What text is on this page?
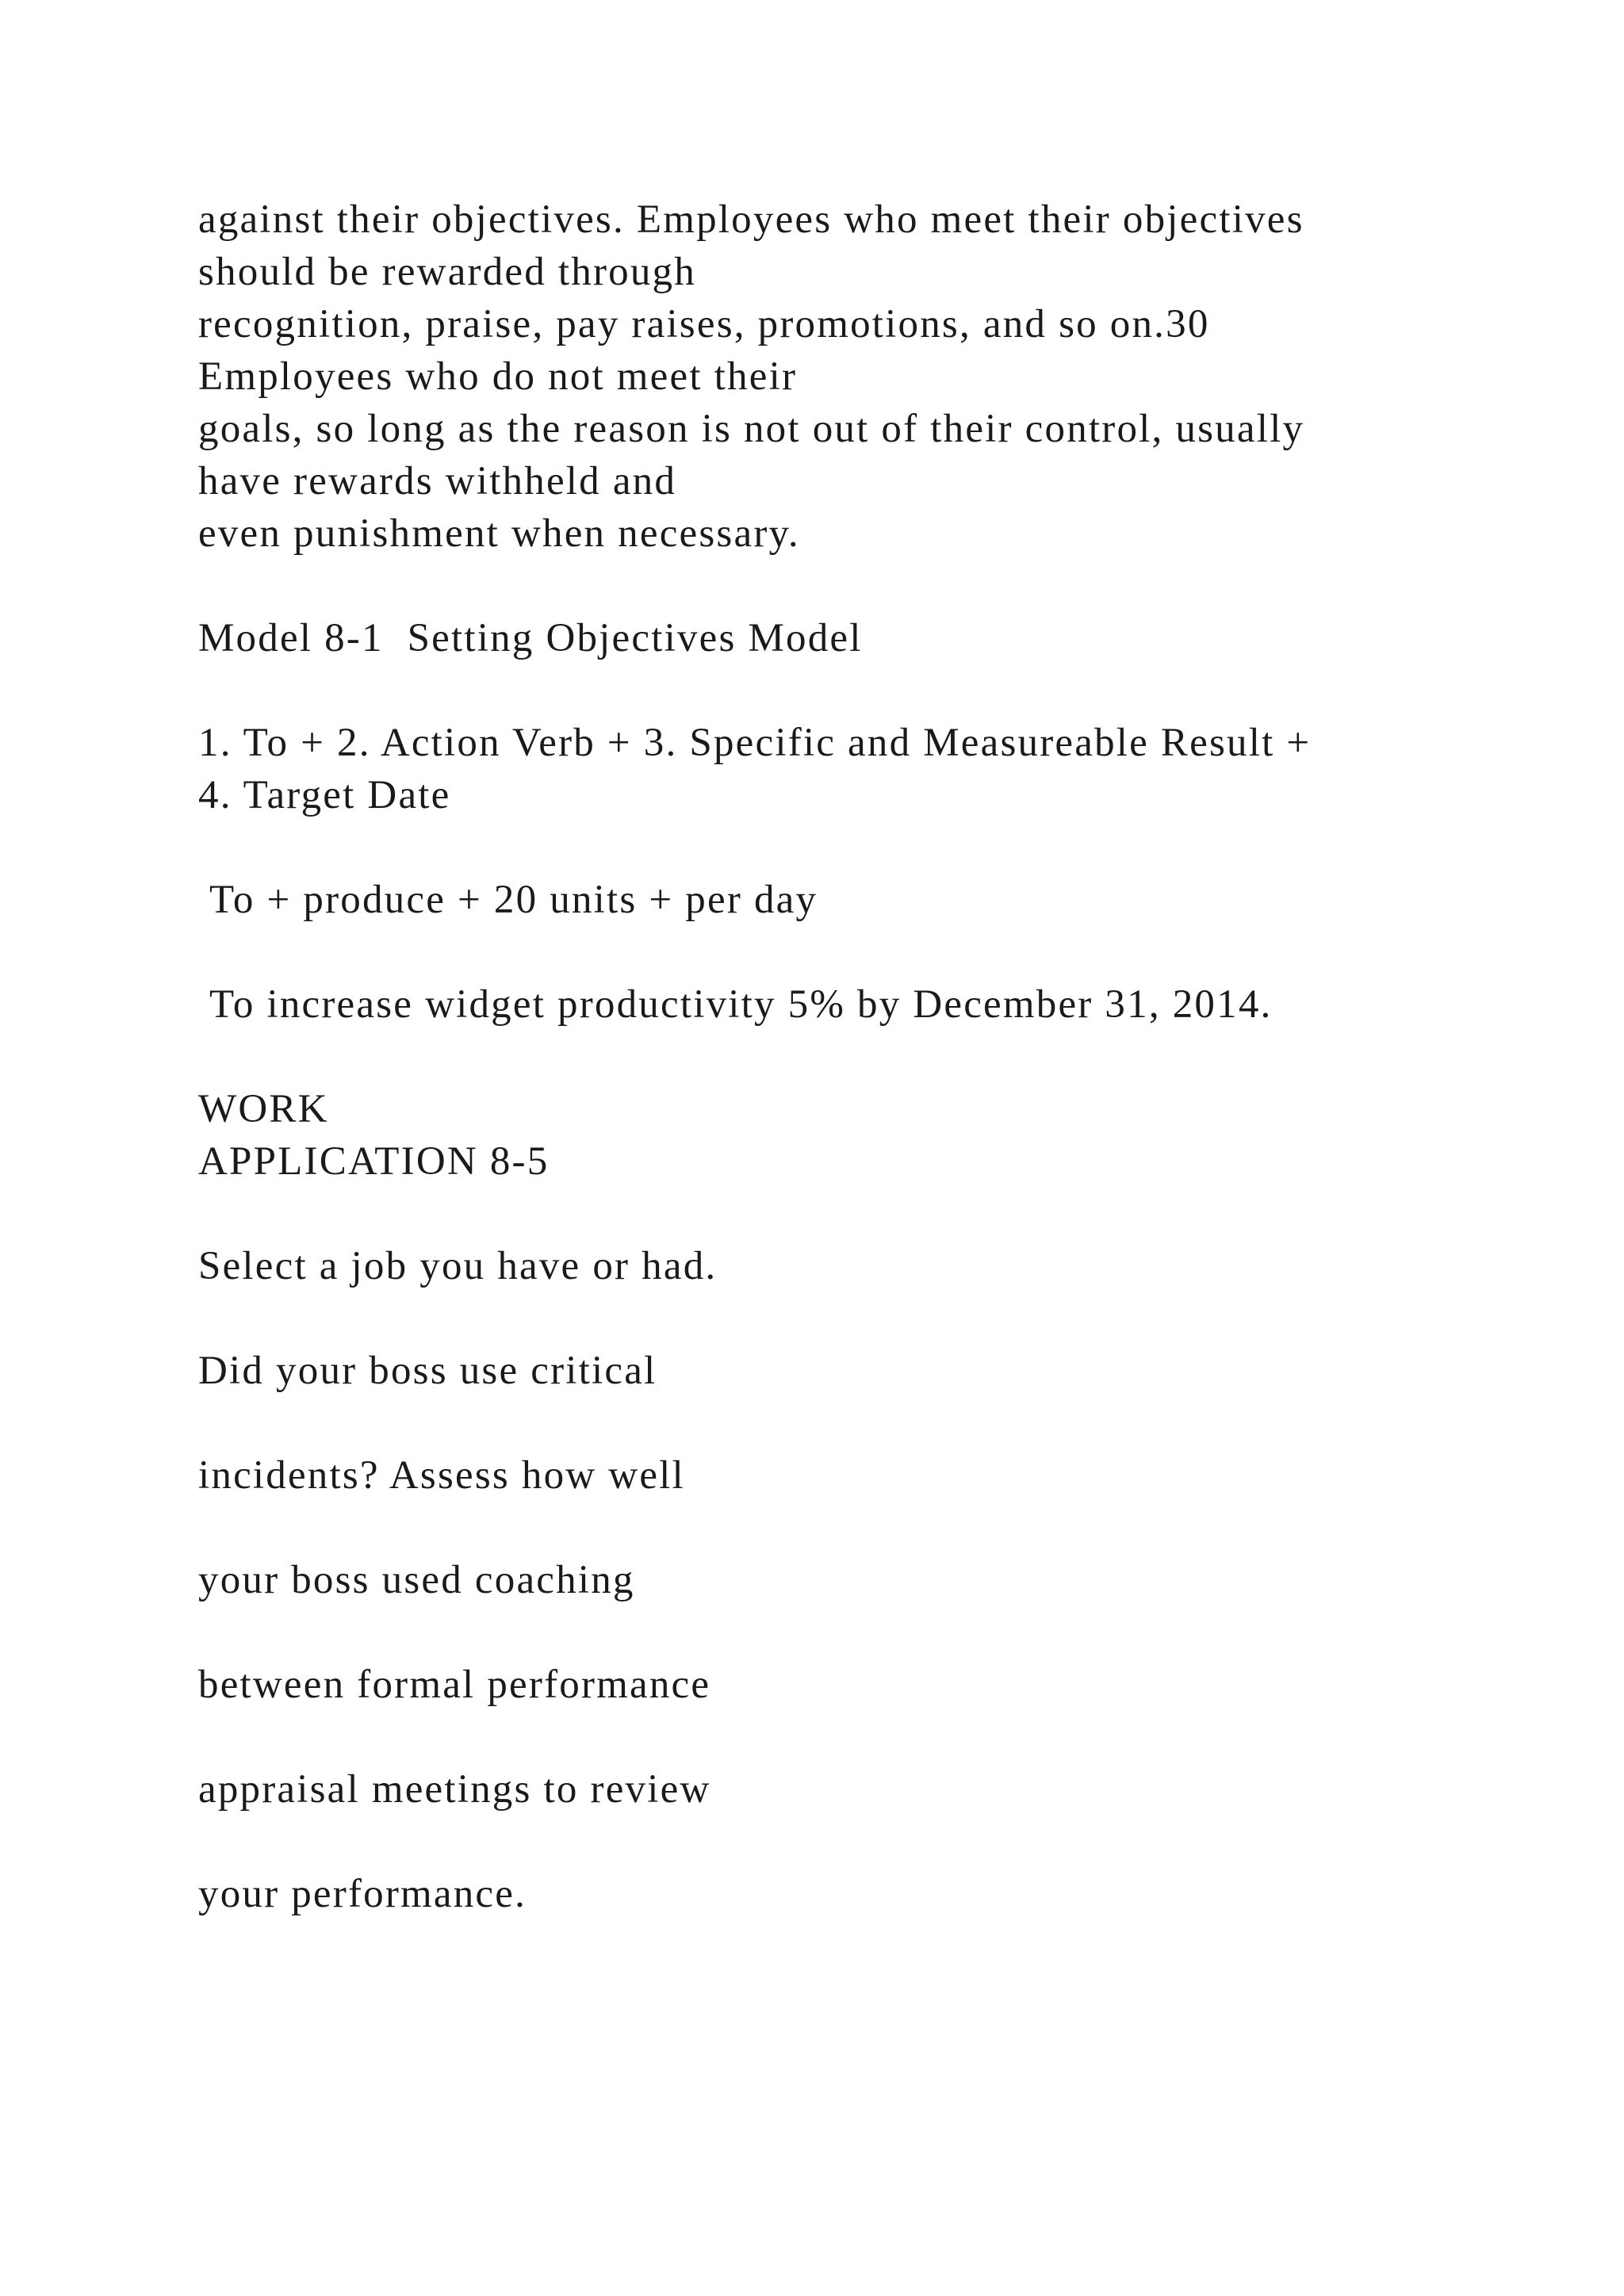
against their objectives. Employees who meet their objectives
should be rewarded through
recognition, praise, pay raises, promotions, and so on.30
Employees who do not meet their
goals, so long as the reason is not out of their control, usually
have rewards withheld and
even punishment when necessary.
Model 8-1  Setting Objectives Model
1. To + 2. Action Verb + 3. Specific and Measureable Result +
4. Target Date
To + produce + 20 units + per day
To increase widget productivity 5% by December 31, 2014.
WORK
APPLICATION 8-5
Select a job you have or had.
Did your boss use critical
incidents? Assess how well
your boss used coaching
between formal performance
appraisal meetings to review
your performance.
